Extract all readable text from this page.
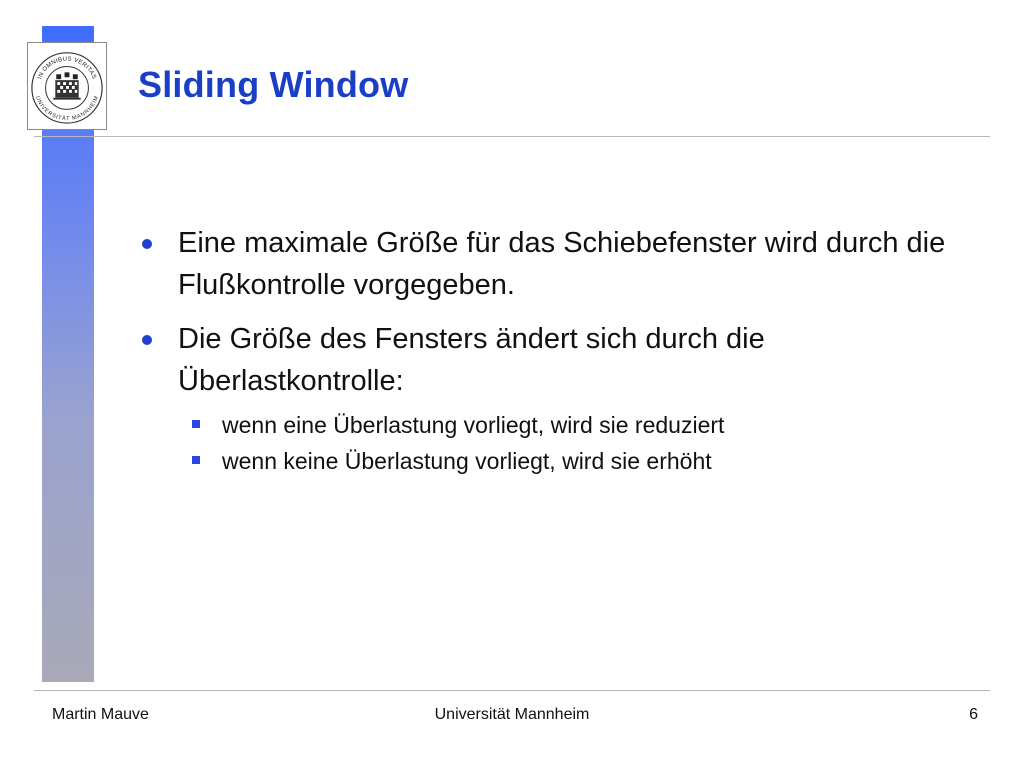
IN OMNIBUS VERITAS
UNIVERSITÄT MANNHEIM Sliding Window
Eine maximale Größe für das Schiebefenster wird durch die Flußkontrolle vorgegeben.
Die Größe des Fensters ändert sich durch die Überlastkontrolle:
wenn eine Überlastung vorliegt, wird sie reduziert
wenn keine Überlastung vorliegt, wird sie erhöht
Martin Mauve	Universität Mannheim	6
